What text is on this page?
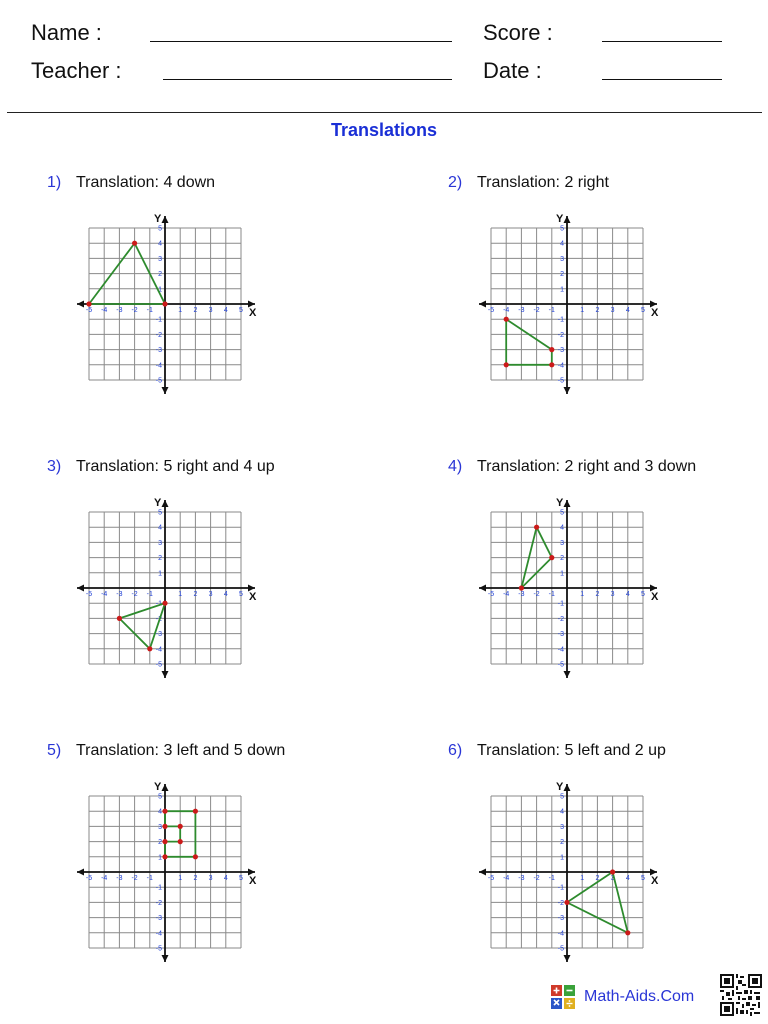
Name :
Teacher :
Score :
Date :
Translations
1) Translation: 4 down
-5
-5
-4
-4
-3
-3
-2
-2
-1
-1
1
1
2
2
3
3
4
4
5
5
X
Y
2) Translation: 2 right
-5
-5
-4
-4
-3
-3
-2
-2
-1
-1
1
1
2
2
3
3
4
4
5
5
X
Y
3) Translation: 5 right and 4 up
-5
-5
-4
-4
-3
-3
-2
-2
-1
-1
1
1
2
2
3
3
4
4
5
5
X
Y
4) Translation: 2 right and 3 down
-5
-5
-4
-4
-3
-3
-2
-2
-1
-1
1
1
2
2
3
3
4
4
5
5
X
Y
5) Translation: 3 left and 5 down
-5
-5
-4
-4
-3
-3
-2
-2
-1
-1
1
1
2
2
3
3
4
4
5
5
X
Y
6) Translation: 5 left and 2 up
-5
-5
-4
-4
-3
-3
-2
-2
-1
-1
1
1
2
2
3
3
4
4
5
5
X
Y
Math-Aids.Com
